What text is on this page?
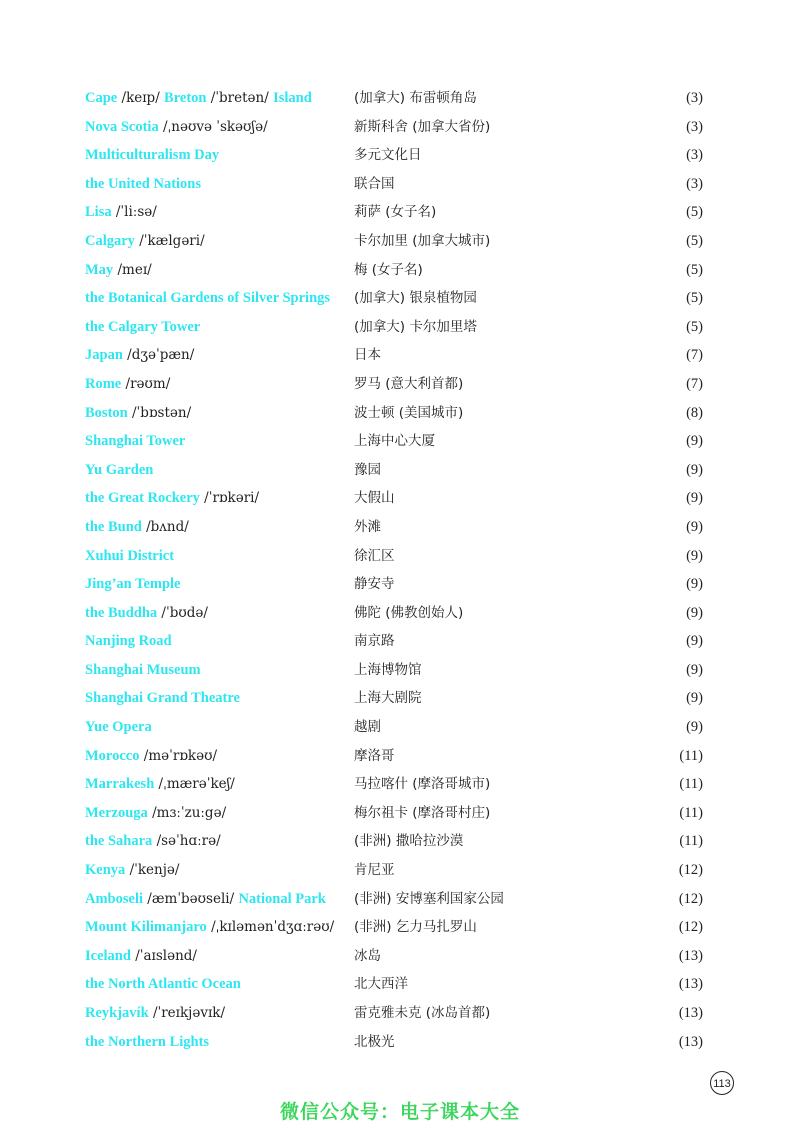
Cape /keɪp/ Breton /ˈbretən/ Island	(加拿大) 布雷顿角岛	(3)
Nova Scotia /ˌnəʊvə ˈskəʊʃə/	新斯科舍 (加拿大省份)	(3)
Multiculturalism Day	多元文化日	(3)
the United Nations	联合国	(3)
Lisa /ˈliːsə/	莉萨 (女子名)	(5)
Calgary /ˈkælgəri/	卡尔加里 (加拿大城市)	(5)
May /meɪ/	梅 (女子名)	(5)
the Botanical Gardens of Silver Springs (加拿大) 银泉植物园	(5)
the Calgary Tower	(加拿大) 卡尔加里塔	(5)
Japan /dʒəˈpæn/	日本	(7)
Rome /rəʊm/	罗马 (意大利首都)	(7)
Boston /ˈbɒstən/	波士顿 (美国城市)	(8)
Shanghai Tower	上海中心大厦	(9)
Yu Garden	豫园	(9)
the Great Rockery /ˈrɒkəri/	大假山	(9)
the Bund /bʌnd/	外滩	(9)
Xuhui District	徐汇区	(9)
Jing’an Temple	静安寺	(9)
the Buddha /ˈbʊdə/	佛陀 (佛教创始人)	(9)
Nanjing Road	南京路	(9)
Shanghai Museum	上海博物馆	(9)
Shanghai Grand Theatre	上海大剧院	(9)
Yue Opera	越剧	(9)
Morocco /məˈrɒkəʊ/	摩洛哥	(11)
Marrakesh /ˌmærəˈkeʃ/	马拉喀什 (摩洛哥城市)	(11)
Merzouga /mɜːˈzuːgə/	梅尔祖卡 (摩洛哥村庄)	(11)
the Sahara /səˈhɑːrə/	(非洲) 撒哈拉沙漠	(11)
Kenya /ˈkenjə/	肯尼亚	(12)
Amboseli /æmˈbəʊseli/ National Park (非洲) 安博塞利国家公园	(12)
Mount Kilimanjaro /ˌkɪləmənˈdʒɑːrəʊ/ (非洲) 乞力马扎罗山	(12)
Iceland /ˈaɪslənd/	冰岛	(13)
the North Atlantic Ocean	北大西洋	(13)
Reykjavík /ˈreɪkjəvɪk/	雷克雅未克 (冰岛首都)	(13)
the Northern Lights	北极光	(13)
113
微信公众号：电子课本大全
